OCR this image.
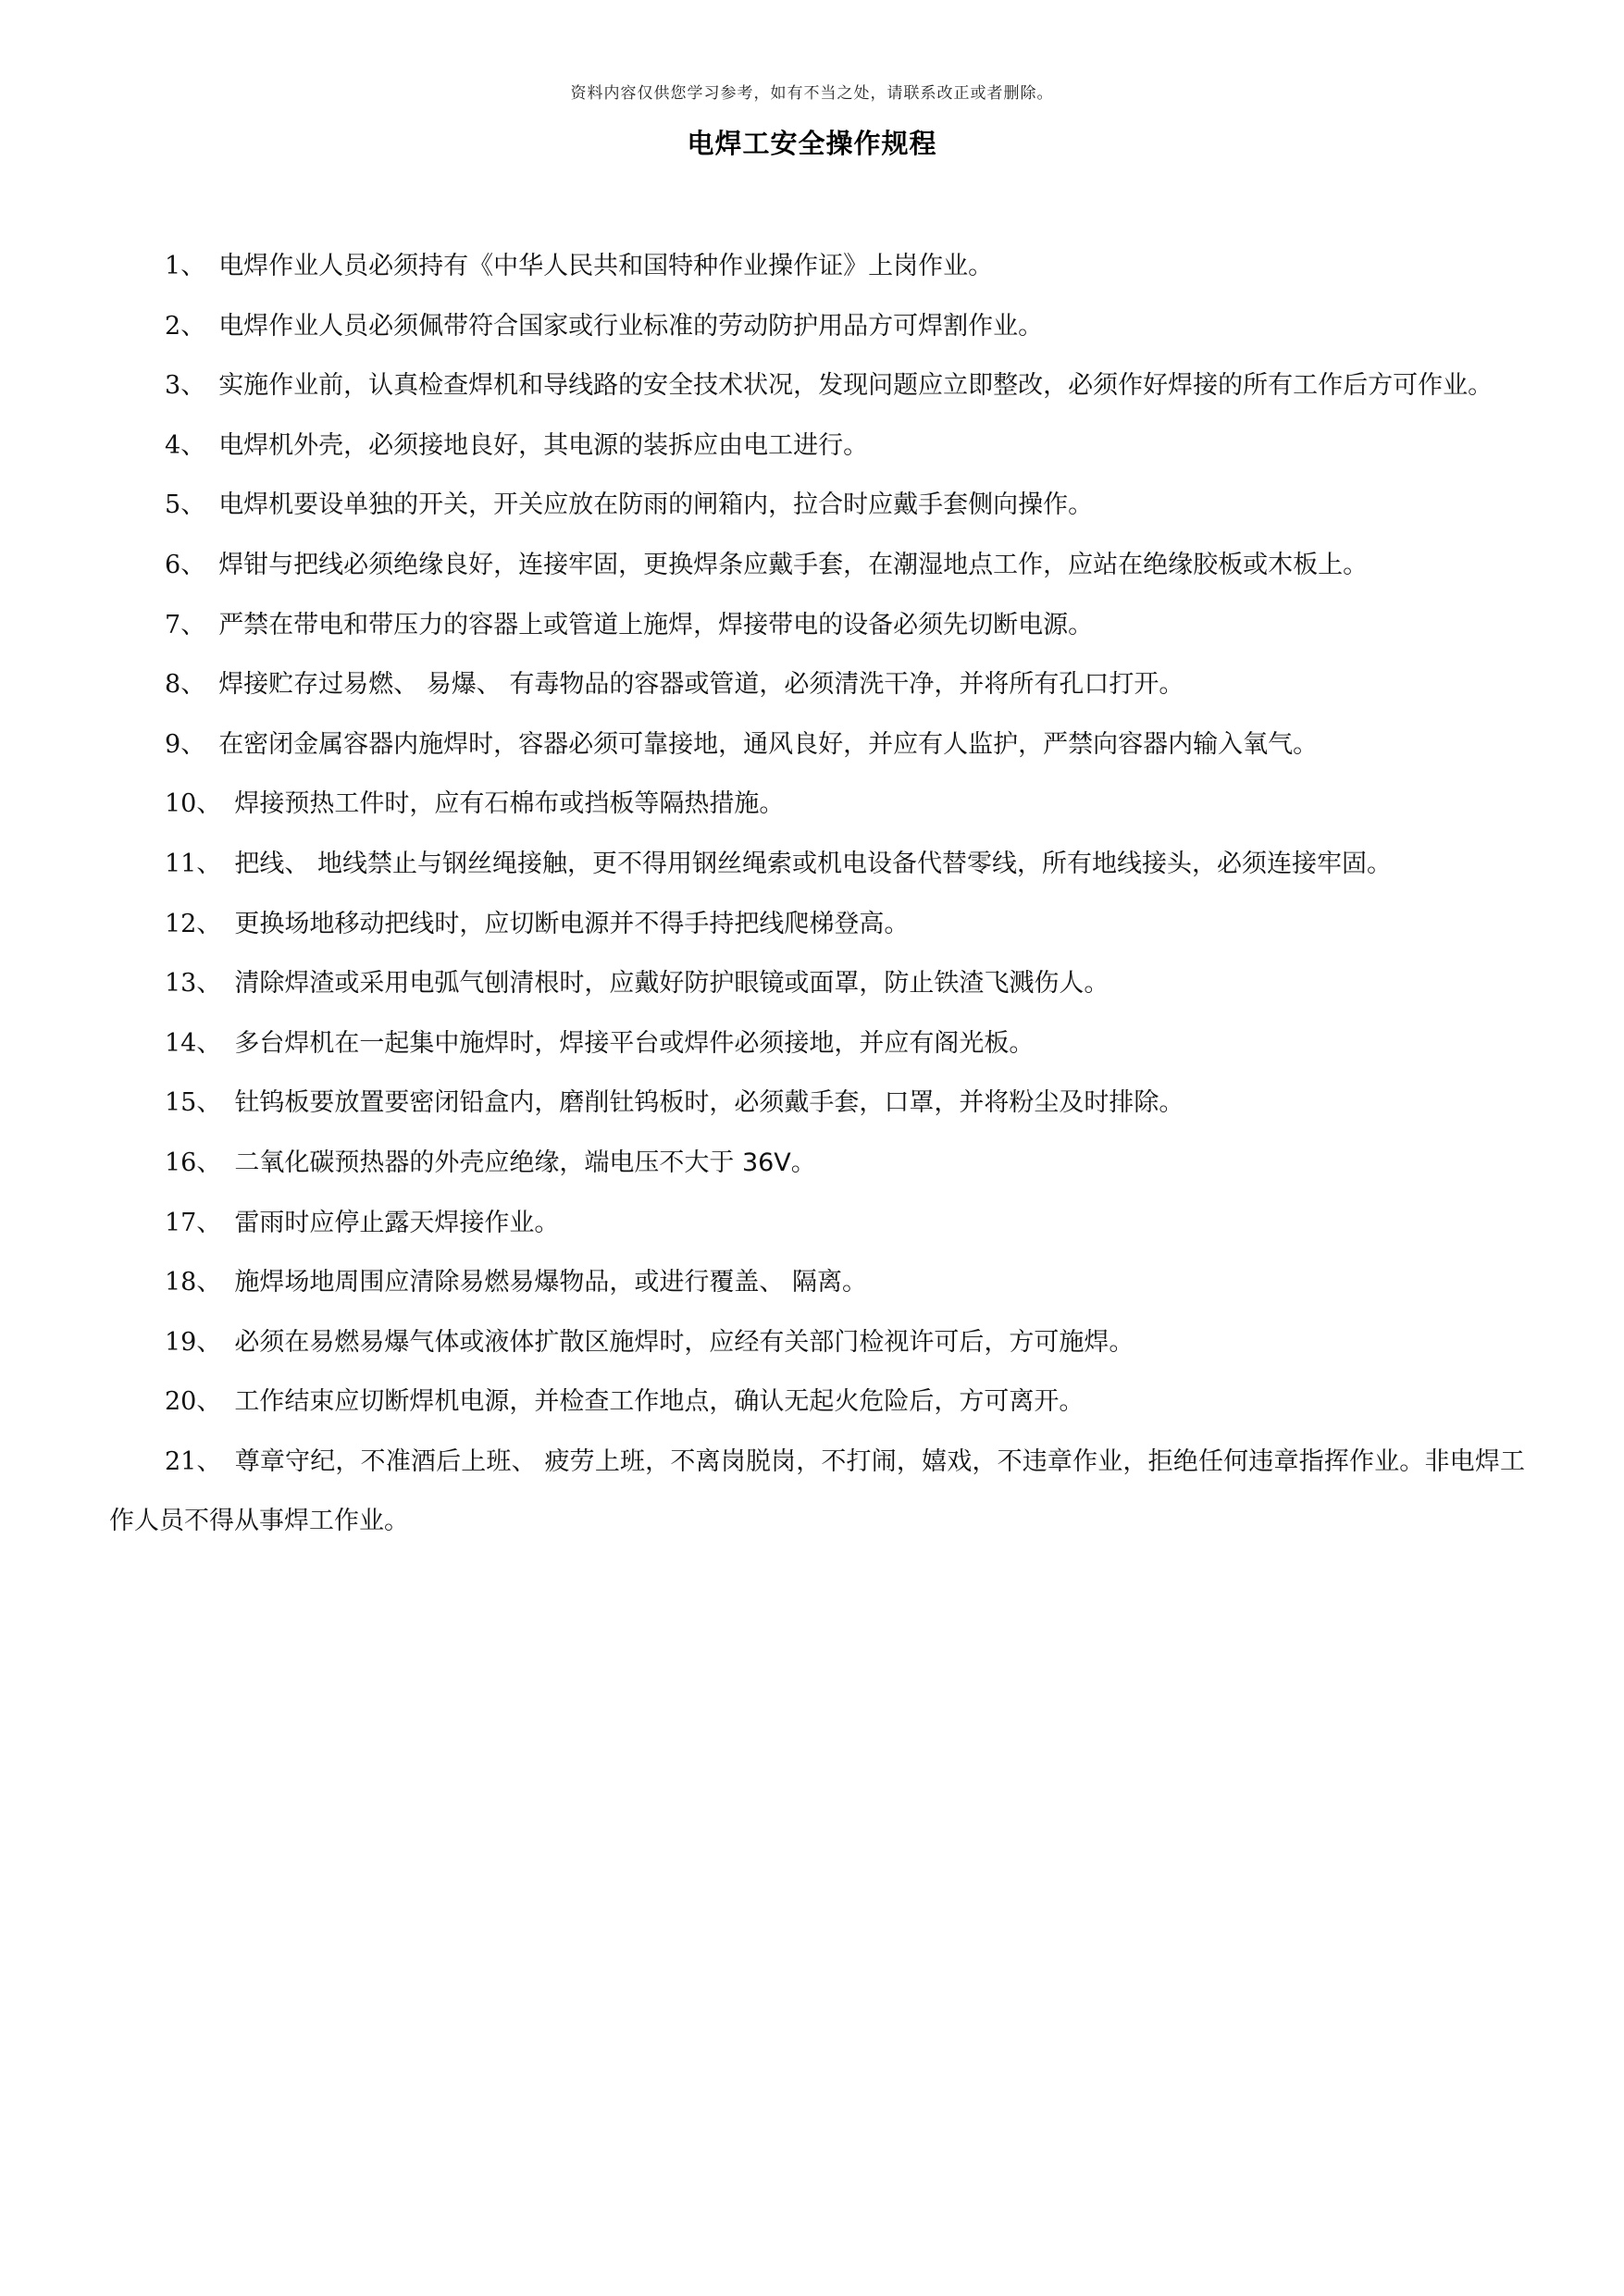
资料内容仅供您学习参考，如有不当之处，请联系改正或者删除。
电焊工安全操作规程
1、 电焊作业人员必须持有《中华人民共和国特种作业操作证》上岗作业。
2、 电焊作业人员必须佩带符合国家或行业标准的劳动防护用品方可焊割作业。
3、 实施作业前，认真检查焊机和导线路的安全技术状况，发现问题应立即整改，必须作好焊接的所有工作后方可作业。
4、 电焊机外壳，必须接地良好，其电源的装拆应由电工进行。
5、 电焊机要设单独的开关，开关应放在防雨的闸箱内，拉合时应戴手套侧向操作。
6、 焊钳与把线必须绝缘良好，连接牢固，更换焊条应戴手套，在潮湿地点工作，应站在绝缘胶板或木板上。
7、 严禁在带电和带压力的容器上或管道上施焊，焊接带电的设备必须先切断电源。
8、 焊接贮存过易燃、 易爆、 有毒物品的容器或管道，必须清洗干净，并将所有孔口打开。
9、 在密闭金属容器内施焊时，容器必须可靠接地，通风良好，并应有人监护，严禁向容器内输入氧气。
10、 焊接预热工件时，应有石棉布或挡板等隔热措施。
11、 把线、 地线禁止与钢丝绳接触，更不得用钢丝绳索或机电设备代替零线，所有地线接头，必须连接牢固。
12、 更换场地移动把线时，应切断电源并不得手持把线爬梯登高。
13、 清除焊渣或采用电弧气刨清根时，应戴好防护眼镜或面罩，防止铁渣飞溅伤人。
14、 多台焊机在一起集中施焊时，焊接平台或焊件必须接地，并应有阁光板。
15、 钍钨板要放置要密闭铅盒内，磨削钍钨板时，必须戴手套，口罩，并将粉尘及时排除。
16、 二氧化碳预热器的外壳应绝缘，端电压不大于 36V。
17、 雷雨时应停止露天焊接作业。
18、 施焊场地周围应清除易燃易爆物品，或进行覆盖、 隔离。
19、 必须在易燃易爆气体或液体扩散区施焊时，应经有关部门检视许可后，方可施焊。
20、 工作结束应切断焊机电源，并检查工作地点，确认无起火危险后，方可离开。
21、 尊章守纪，不准酒后上班、 疲劳上班，不离岗脱岗，不打闹，嬉戏，不违章作业，拒绝任何违章指挥作业。非电焊工作人员不得从事焊工作业。
